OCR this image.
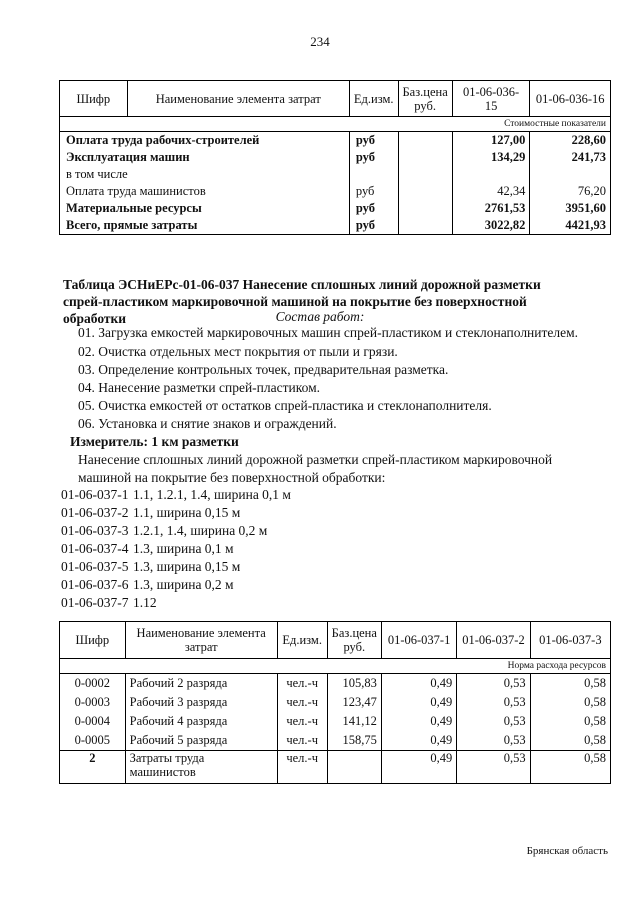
234
Шифр	Наименование элемента затрат	Ед.изм.	Баз.цена руб.	01-06-036-15	01-06-036-16
Стоимостные показатели					
Оплата труда рабочих-строителей		руб		127,00	228,60
Эксплуатация машин		руб		134,29	241,73
в том числе					
Оплата труда машинистов		руб		42,34	76,20
Материальные ресурсы		руб		2761,53	3951,60
Всего, прямые затраты		руб		3022,82	4421,93
Таблица ЭСНиЕРс-01-06-037 Нанесение сплошных линий дорожной разметки спрей-пластиком маркировочной машиной на покрытие без поверхностной обработки	Состав работ:
01. Загрузка емкостей маркировочных машин спрей-пластиком и стеклонаполнителем.
02. Очистка отдельных мест покрытия от пыли и грязи.
03. Определение контрольных точек, предварительная разметка.
04. Нанесение разметки спрей-пластиком.
05. Очистка емкостей от остатков спрей-пластика и стеклонаполнителя.
06. Установка и снятие знаков и ограждений.
Измеритель: 1 км разметки
Нанесение сплошных линий дорожной разметки спрей-пластиком маркировочной машиной на покрытие без поверхностной обработки:
01-06-037-1 1.1, 1.2.1, 1.4, ширина 0,1 м
01-06-037-2 1.1, ширина 0,15 м
01-06-037-3 1.2.1, 1.4, ширина 0,2 м
01-06-037-4 1.3, ширина 0,1 м
01-06-037-5 1.3, ширина 0,15 м
01-06-037-6 1.3, ширина 0,2 м
01-06-037-7 1.12
Шифр	Наименование элемента затрат	Ед.изм.	Баз.цена руб.	01-06-037-1	01-06-037-2	01-06-037-3
Норма расхода ресурсов						
0-0002	Рабочий 2 разряда	чел.-ч	105,83	0,49	0,53	0,58
0-0003	Рабочий 3 разряда	чел.-ч	123,47	0,49	0,53	0,58
0-0004	Рабочий 4 разряда	чел.-ч	141,12	0,49	0,53	0,58
0-0005	Рабочий 5 разряда	чел.-ч	158,75	0,49	0,53	0,58
2	Затраты труда машинистов	чел.-ч		0,49	0,53	0,58
Брянская область
